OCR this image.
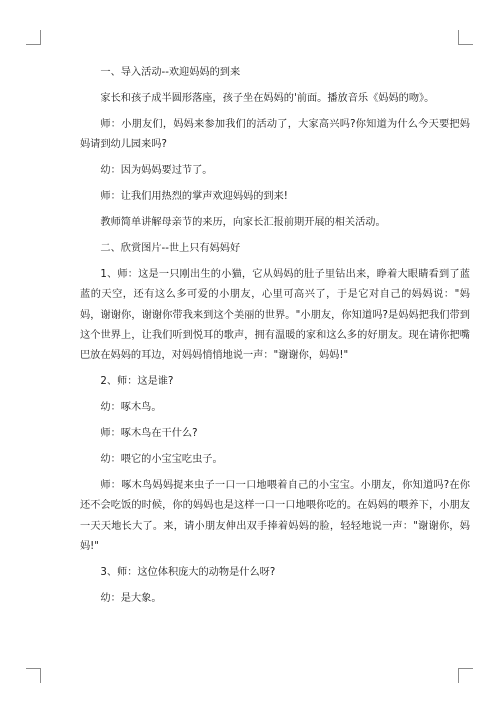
一、导入活动--欢迎妈妈的到来

家长和孩子成半圆形落座，孩子坐在妈妈的'前面。播放音乐《妈妈的吻》。

师：小朋友们，妈妈来参加我们的活动了，大家高兴吗?你知道为什么今天要把妈妈请到幼儿园来吗?

幼：因为妈妈要过节了。

师：让我们用热烈的掌声欢迎妈妈的到来!

教师简单讲解母亲节的来历，向家长汇报前期开展的相关活动。

二、欣赏图片--世上只有妈妈好

1、师：这是一只刚出生的小猫，它从妈妈的肚子里钻出来，睁着大眼睛看到了蓝蓝的天空，还有这么多可爱的小朋友，心里可高兴了，于是它对自己的妈妈说："妈妈，谢谢你，谢谢你带我来到这个美丽的世界。"小朋友，你知道吗?是妈妈把我们带到这个世界上，让我们听到悦耳的歌声，拥有温暖的家和这么多的好朋友。现在请你把嘴巴放在妈妈的耳边，对妈妈悄悄地说一声："谢谢你，妈妈!"

2、师：这是谁?

幼：啄木鸟。

师：啄木鸟在干什么?

幼：喂它的小宝宝吃虫子。

师：啄木鸟妈妈捉来虫子一口一口地喂着自己的小宝宝。小朋友，你知道吗?在你还不会吃饭的时候，你的妈妈也是这样一口一口地喂你吃的。在妈妈的喂养下，小朋友一天天地长大了。来，请小朋友伸出双手捧着妈妈的脸，轻轻地说一声："谢谢你，妈妈!"

3、师：这位体积庞大的动物是什么呀?

幼：是大象。
